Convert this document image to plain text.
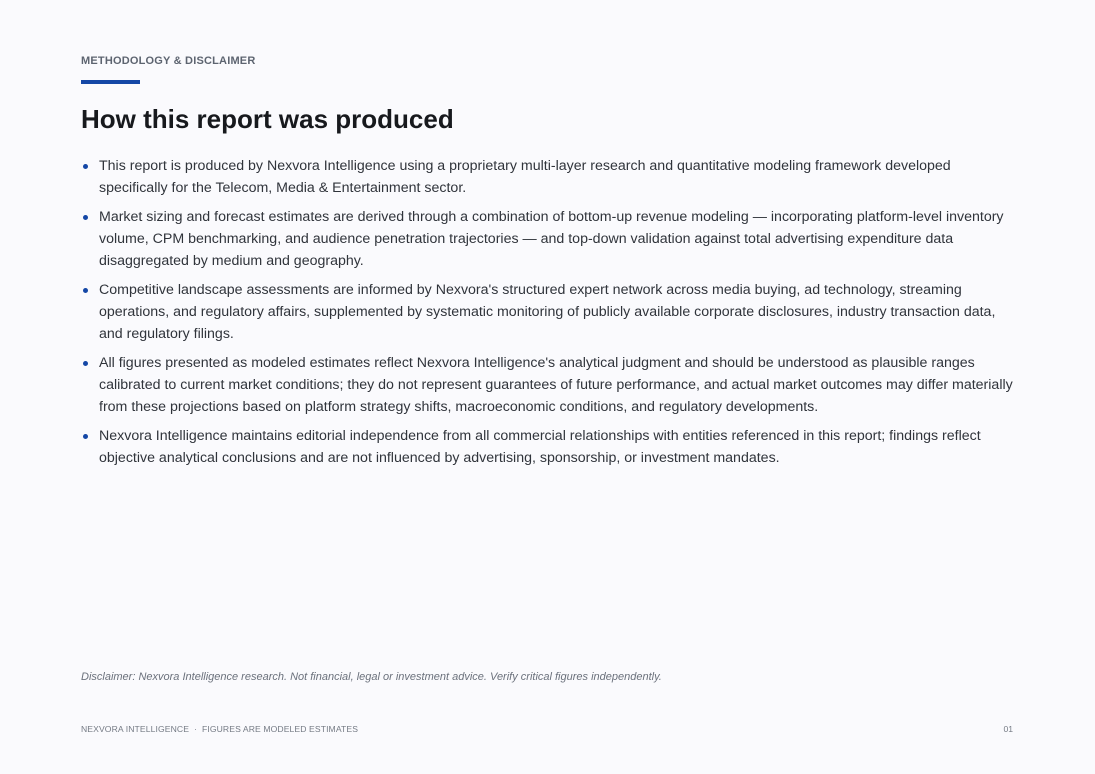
METHODOLOGY & DISCLAIMER
How this report was produced
This report is produced by Nexvora Intelligence using a proprietary multi-layer research and quantitative modeling framework developed specifically for the Telecom, Media & Entertainment sector.
Market sizing and forecast estimates are derived through a combination of bottom-up revenue modeling — incorporating platform-level inventory volume, CPM benchmarking, and audience penetration trajectories — and top-down validation against total advertising expenditure data disaggregated by medium and geography.
Competitive landscape assessments are informed by Nexvora's structured expert network across media buying, ad technology, streaming operations, and regulatory affairs, supplemented by systematic monitoring of publicly available corporate disclosures, industry transaction data, and regulatory filings.
All figures presented as modeled estimates reflect Nexvora Intelligence's analytical judgment and should be understood as plausible ranges calibrated to current market conditions; they do not represent guarantees of future performance, and actual market outcomes may differ materially from these projections based on platform strategy shifts, macroeconomic conditions, and regulatory developments.
Nexvora Intelligence maintains editorial independence from all commercial relationships with entities referenced in this report; findings reflect objective analytical conclusions and are not influenced by advertising, sponsorship, or investment mandates.
Disclaimer: Nexvora Intelligence research. Not financial, legal or investment advice. Verify critical figures independently.
NEXVORA INTELLIGENCE · FIGURES ARE MODELED ESTIMATES	01
